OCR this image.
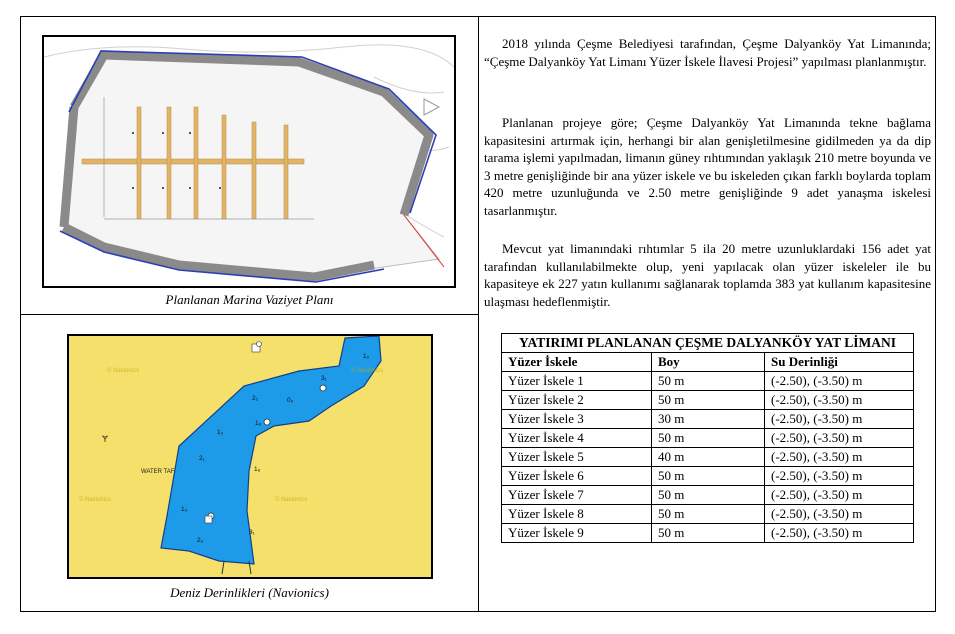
Planlanan Marina Vaziyet Planı
1₉
2₂	0₉
3₁
1₈
1₂
2₁
1₈
1₉
3₁
2₀
Ɏ
WATER TAF
© Navionics	© Navionics
© Navionics
© Navionics
Deniz Derinlikleri (Navionics)

2018 yılında Çeşme Belediyesi tarafından, Çeşme Dalyanköy Yat Limanında; “Çeşme Dalyanköy Yat Limanı Yüzer İskele İlavesi Projesi” yapılması planlanmıştır.

Planlanan projeye göre; Çeşme Dalyanköy Yat Limanında tekne bağlama kapasitesini artırmak için, herhangi bir alan genişletilmesine gidilmeden ya da dip tarama işlemi yapılmadan, limanın güney rıhtımından yaklaşık 210 metre boyunda ve 3 metre genişliğinde bir ana yüzer iskele ve bu iskeleden çıkan farklı boylarda toplam 420 metre uzunluğunda ve 2.50 metre genişliğinde 9 adet yanaşma iskelesi tasarlanmıştır.

Mevcut yat limanındaki rıhtımlar 5 ila 20 metre uzunluklardaki 156 adet yat tarafından kullanılabilmekte olup, yeni yapılacak olan yüzer iskeleler ile bu kapasiteye ek 227 yatın kullanımı sağlanarak toplamda 383 yat kullanım kapasitesine ulaşması hedeflenmiştir.

YATIRIMI PLANLANAN ÇEŞME DALYANKÖY YAT LİMANI		
Yüzer İskele	Boy	Su Derinliği
Yüzer İskele 1	50 m	(-2.50), (-3.50) m
Yüzer İskele 2	50 m	(-2.50), (-3.50) m
Yüzer İskele 3	30 m	(-2.50), (-3.50) m
Yüzer İskele 4	50 m	(-2.50), (-3.50) m
Yüzer İskele 5	40 m	(-2.50), (-3.50) m
Yüzer İskele 6	50 m	(-2.50), (-3.50) m
Yüzer İskele 7	50 m	(-2.50), (-3.50) m
Yüzer İskele 8	50 m	(-2.50), (-3.50) m
Yüzer İskele 9	50 m	(-2.50), (-3.50) m
